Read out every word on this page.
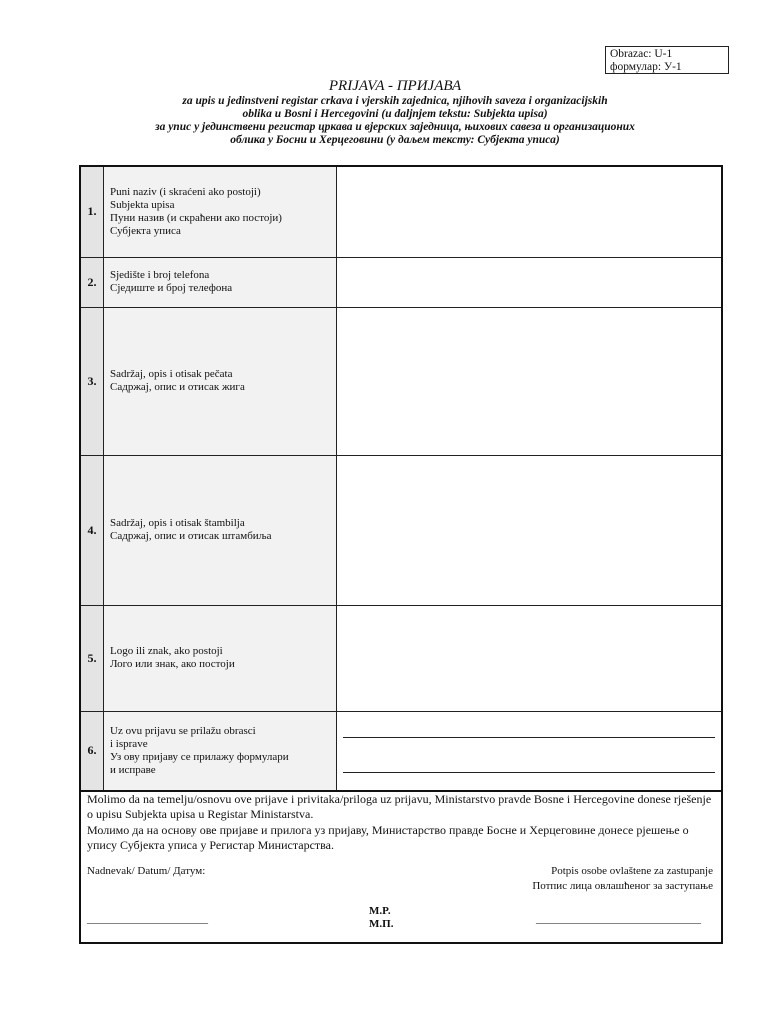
Obrazac: U-1
формулар: У-1
PRIJAVA - ПРИЈАВА
za upis u jedinstveni registar crkava i vjerskih zajednica, njihovih saveza i organizacijskih
oblika u Bosni i Hercegovini (u daljnjem tekstu: Subjekta upisa)
за упис у јединствени регистар цркава и вјерских заједница, њихових савеза и организационих
облика у Босни и Херцеговини (у даљем тексту: Субјекта уписа)
1.	Puni naziv (i skraćeni ako postoji)
Subjekta upisa
Пуни назив (и скраћени ако постоји)
Субјекта уписа	

2.	Sjedište i broj telefona
Сједиште и број телефона	

3.	Sadržaj, opis i otisak pečata
Садржај, опис и отисак жига	

4.	Sadržaj, opis i otisak štambilja
Садржај, опис и отисак штамбиља	

5.	Logo ili znak, ako postoji
Лого или знак, ако постоји	

6.	Uz ovu prijavu se prilažu obrasci
i isprave
Уз ову пријаву се прилажу формулари
и исправе	

Molimo da na temelju/osnovu ove prijave i privitaka/priloga uz prijavu, Ministarstvo pravde Bosne i Hercegovine donese rješenje o upisu Subjekta upisa u Registar Ministarstva.
Молимо да на основу ове пријаве и прилога уз пријаву, Министарство правде Босне и Херцеговине донесе рјешење о упису Субјекта уписа у Регистар Министарства.
Nadnevak/ Datum/ Датум:	Potpis osobe ovlaštene za zastupanje
Потпис лица овлашћеног за заступање
______________________
M.P.
М.П.	______________________________
